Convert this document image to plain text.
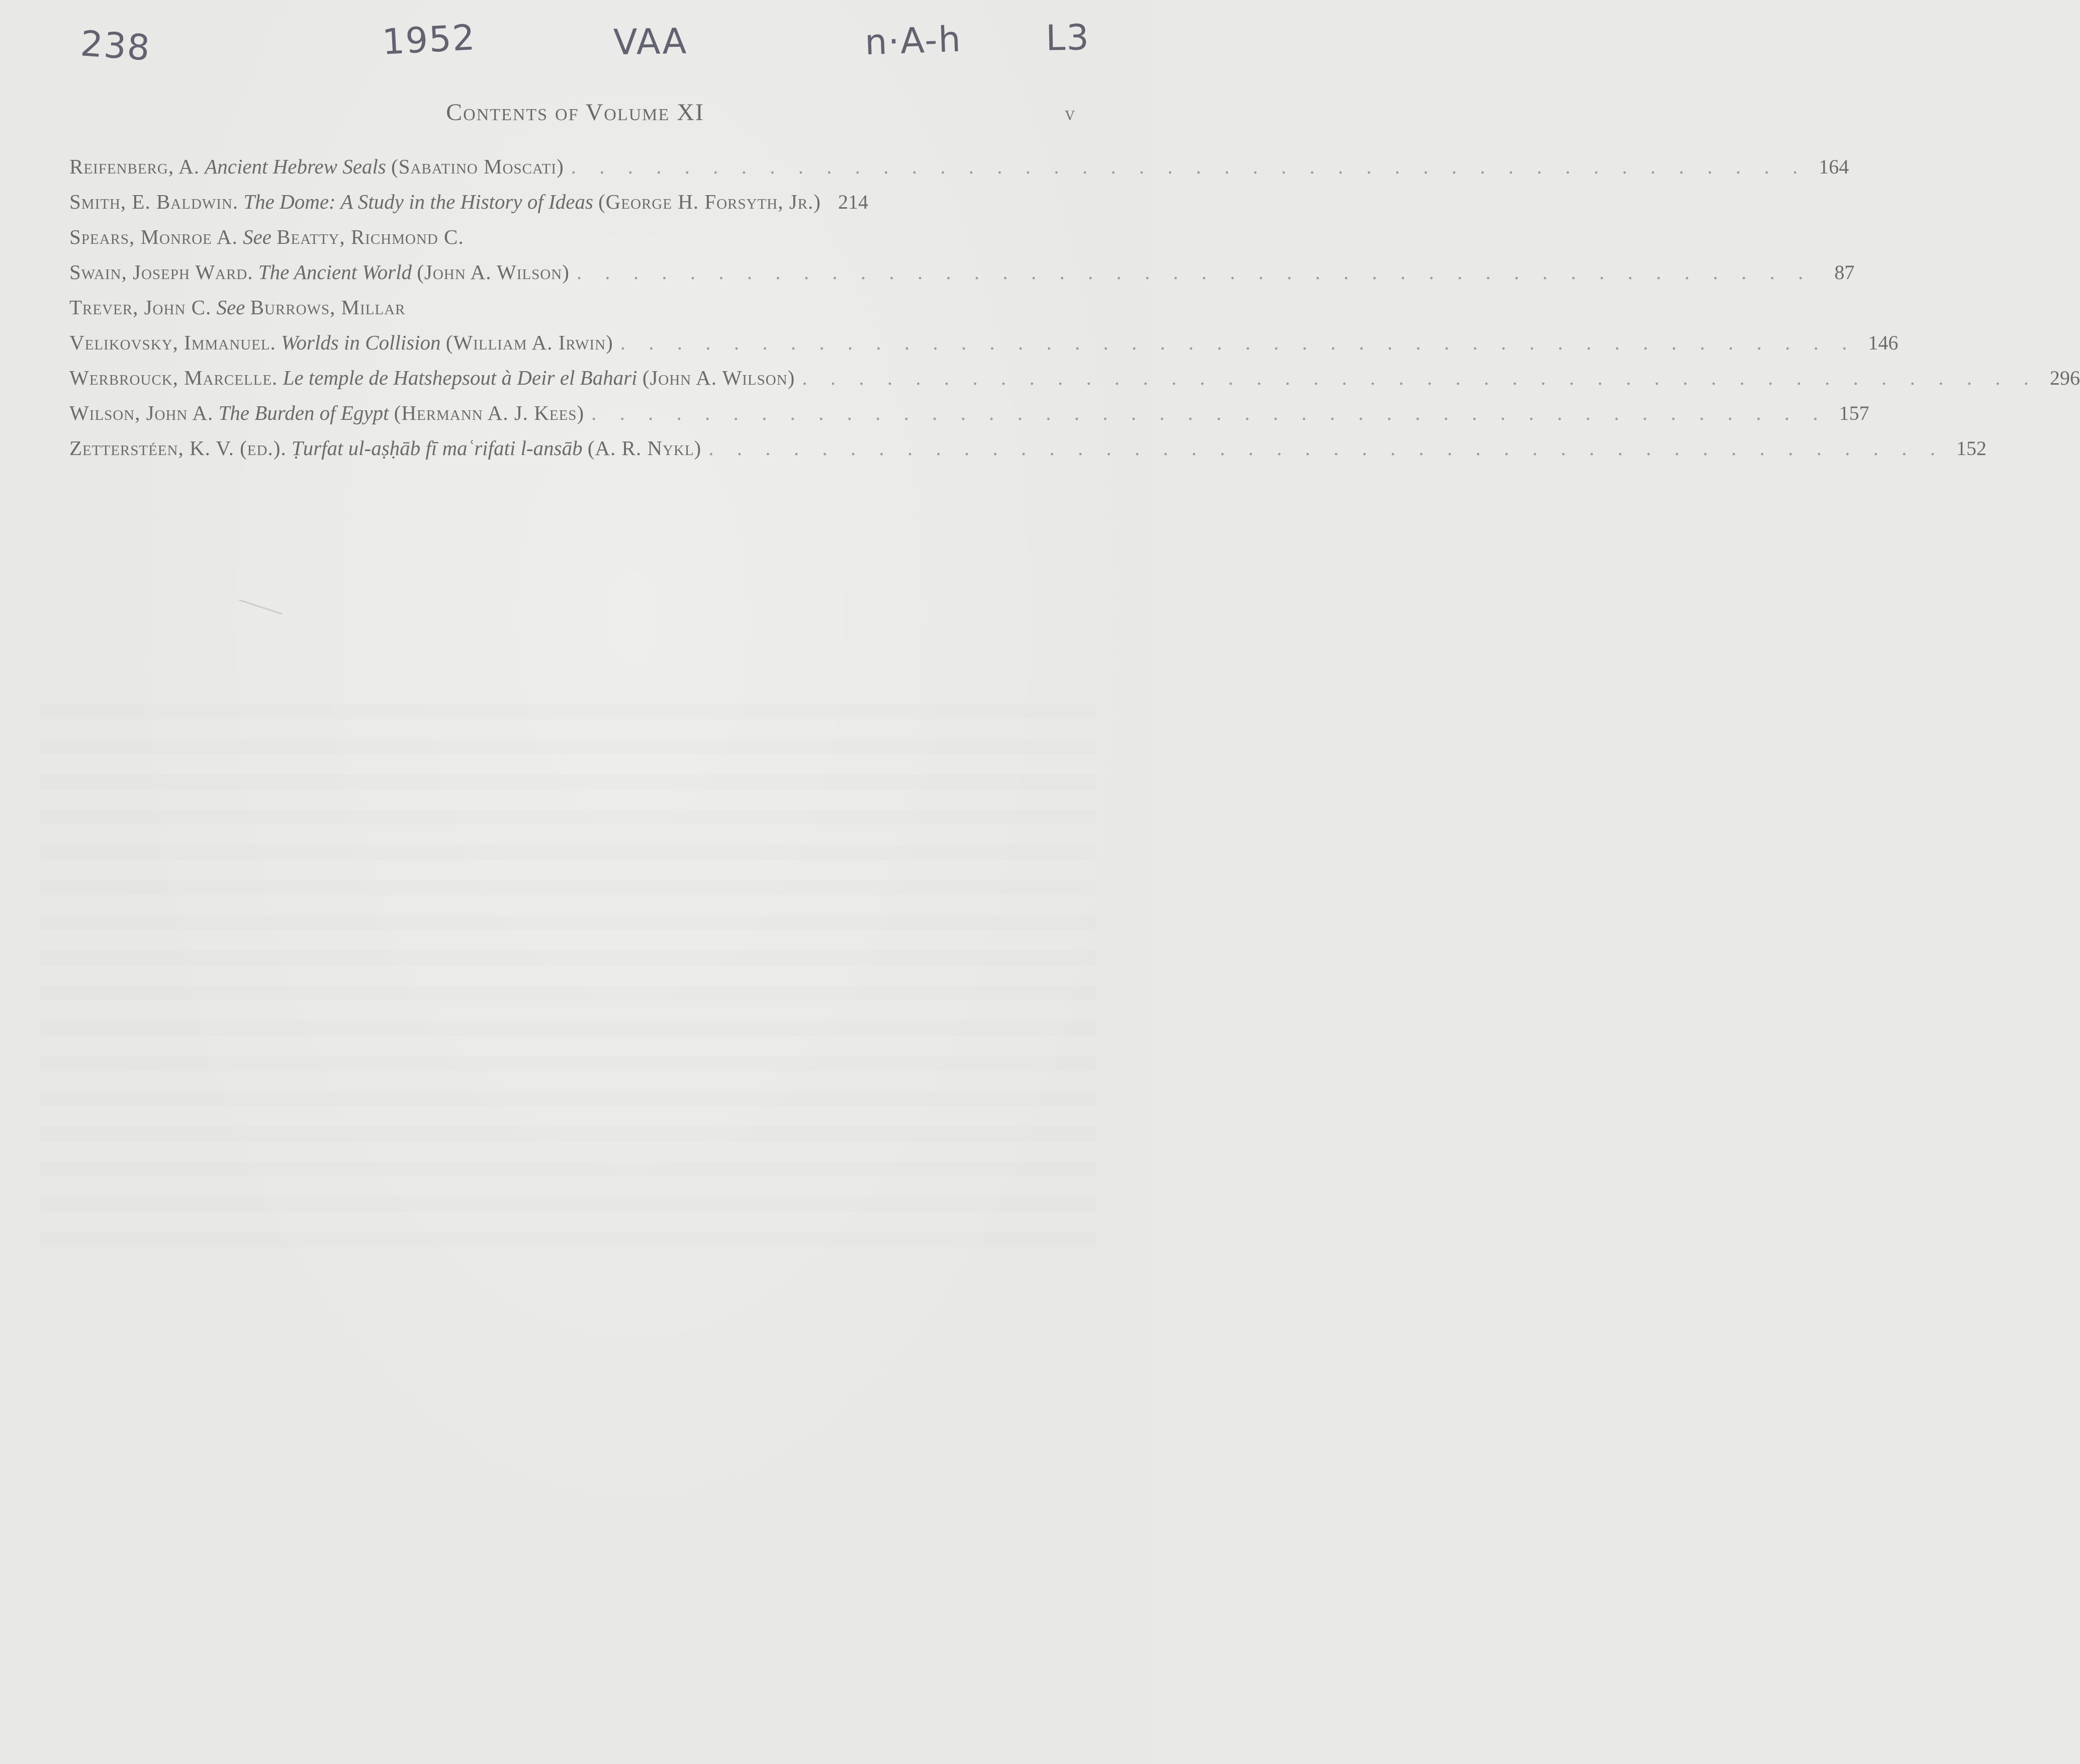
238	1952	VAA	n·A-h L3
Contents of Volume XI	v
Reifenberg, A. Ancient Hebrew Seals (Sabatino Moscati) . . .	164
Smith, E. Baldwin. The Dome: A Study in the History of Ideas (George H. Forsyth, Jr.) 214
Spears, Monroe A. See Beatty, Richmond C.
Swain, Joseph Ward. The Ancient World (John A. Wilson) . . .	87
Trever, John C. See Burrows, Millar
Velikovsky, Immanuel. Worlds in Collision (William A. Irwin) . . .	146
Werbrouck, Marcelle. Le temple de Hatshepsout à Deir el Bahari (John A. Wilson) . . .	296
Wilson, John A. The Burden of Egypt (Hermann A. J. Kees) . . .	157
Zetterstéen, K. V. (ed.). Ṭurfat ul-aṣḥāb fī maʿrifati l-ansāb (A. R. Nykl) . . .	152
